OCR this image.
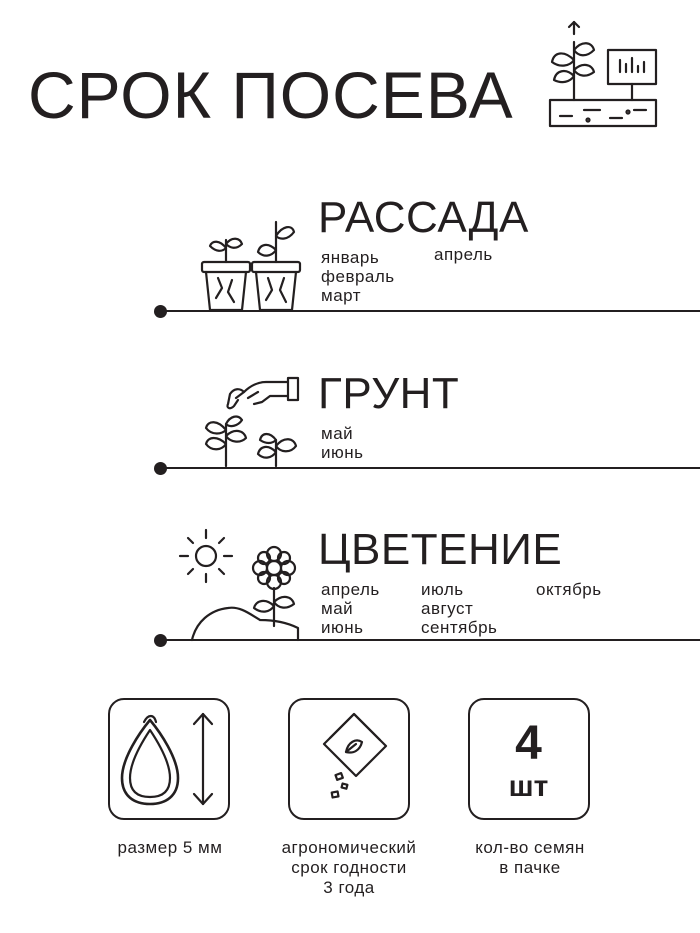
СРОК ПОСЕВА
РАССАДА
январь
февраль
март
апрель
ГРУНТ
май
июнь
ЦВЕТЕНИЕ
апрель
май
июнь
июль
август
сентябрь
октябрь
4
шт
размер 5 мм	агрономический
срок годности
3 года
кол-во семян
в пачке
